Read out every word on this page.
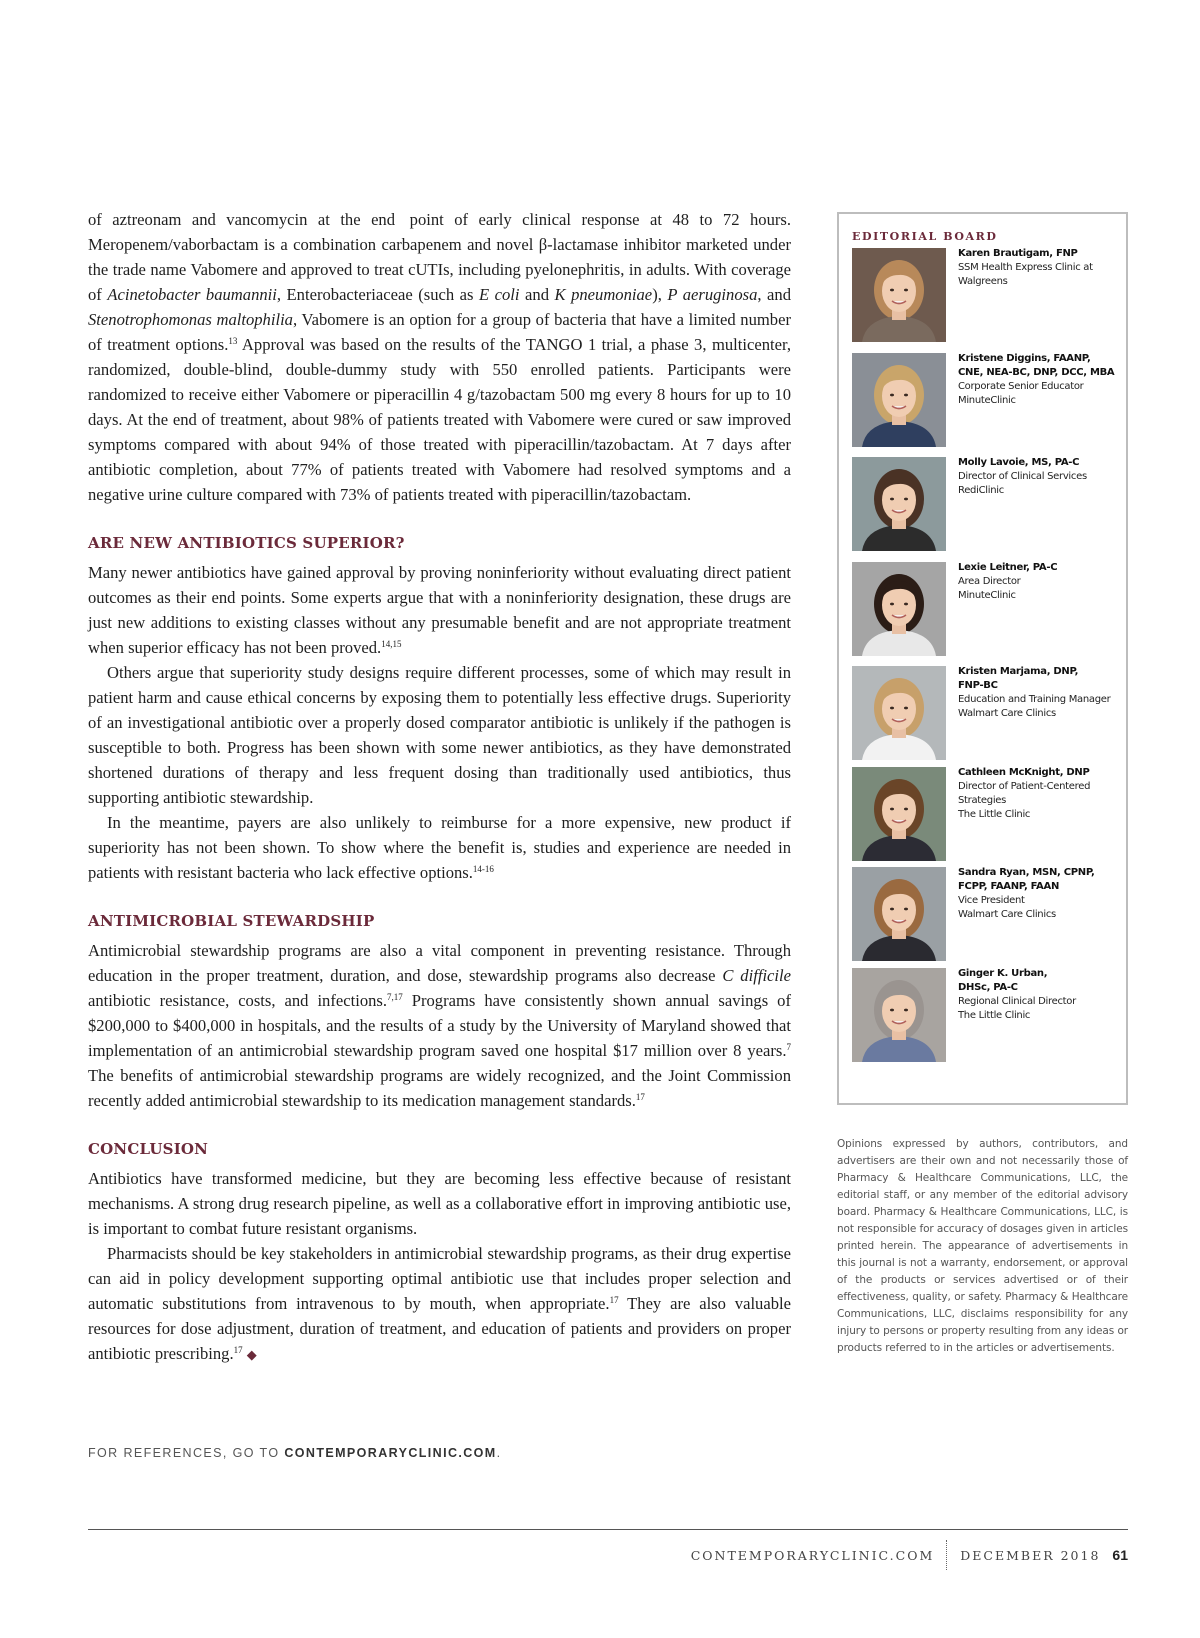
of aztreonam and vancomycin at the end  point of early clinical response at 48 to 72 hours. Meropenem/vaborbactam is a combination carbapenem and novel β-lactamase inhibitor marketed under the trade name Vabomere and approved to treat cUTIs, including pyelonephritis, in adults. With coverage of Acinetobacter baumannii, Enterobacteriaceae (such as E coli and K pneumoniae), P aeruginosa, and Stenotrophomonas maltophilia, Vabomere is an option for a group of bacteria that have a limited number of treatment options.$^{13}$ Approval was based on the results of the TANGO 1 trial, a phase 3, multicenter, randomized, double-blind, double-dummy study with 550 enrolled patients. Participants were randomized to receive either Vabomere or piperacillin 4 g/tazobactam 500 mg every 8 hours for up to 10 days. At the end of treatment, about 98% of patients treated with Vabomere were cured or saw improved symptoms compared with about 94% of those treated with piperacillin/tazobactam. At 7 days after antibiotic completion, about 77% of patients treated with Vabomere had resolved symptoms and a negative urine culture compared with 73% of patients treated with piperacillin/tazobactam.

ARE NEW ANTIBIOTICS SUPERIOR?

Many newer antibiotics have gained approval by proving noninferiority without evaluating direct patient outcomes as their end points. Some experts argue that with a noninferiority designation, these drugs are just new additions to existing classes without any presumable benefit and are not appropriate treatment when superior efficacy has not been proved.$^{14,15}$

Others argue that superiority study designs require different processes, some of which may result in patient harm and cause ethical concerns by exposing them to potentially less effective drugs. Superiority of an investigational antibiotic over a properly dosed comparator antibiotic is unlikely if the pathogen is susceptible to both. Progress has been shown with some newer antibiotics, as they have demonstrated shortened durations of therapy and less frequent dosing than traditionally used antibiotics, thus supporting antibiotic stewardship.

In the meantime, payers are also unlikely to reimburse for a more expensive, new product if superiority has not been shown. To show where the benefit is, studies and experience are needed in patients with resistant bacteria who lack effective options.$^{14-16}$

ANTIMICROBIAL STEWARDSHIP

Antimicrobial stewardship programs are also a vital component in preventing resistance. Through education in the proper treatment, duration, and dose, stewardship programs also decrease C difficile antibiotic resistance, costs, and infections.$^{7,17}$ Programs have consistently shown annual savings of $200,000 to $400,000 in hospitals, and the results of a study by the University of Maryland showed that implementation of an antimicrobial stewardship program saved one hospital $17 million over 8 years.$^7$ The benefits of antimicrobial stewardship programs are widely recognized, and the Joint Commission recently added antimicrobial stewardship to its medication management standards.$^{17}$

CONCLUSION

Antibiotics have transformed medicine, but they are becoming less effective because of resistant mechanisms. A strong drug research pipeline, as well as a collaborative effort in improving antibiotic use, is important to combat future resistant organisms.

Pharmacists should be key stakeholders in antimicrobial stewardship programs, as their drug expertise can aid in policy development supporting optimal antibiotic use that includes proper selection and automatic substitutions from intravenous to by mouth, when appropriate.$^{17}$ They are also valuable resources for dose adjustment, duration of treatment, and education of patients and providers on proper antibiotic prescribing.$^{17}$ ◆

FOR REFERENCES, GO TO CONTEMPORARYCLINIC.COM.
EDITORIAL BOARD
Karen Brautigam, FNP
SSM Health Express Clinic at
Walgreens
Kristene Diggins, FAANP,
CNE, NEA-BC, DNP, DCC, MBA
Corporate Senior Educator
MinuteClinic
Molly Lavoie, MS, PA-C
Director of Clinical Services
RediClinic
Lexie Leitner, PA-C
Area Director
MinuteClinic
Kristen Marjama, DNP,
FNP-BC
Education and Training Manager
Walmart Care Clinics
Cathleen McKnight, DNP
Director of Patient-Centered
Strategies
The Little Clinic
Sandra Ryan, MSN, CPNP,
FCPP, FAANP, FAAN
Vice President
Walmart Care Clinics
Ginger K. Urban,
DHSc, PA-C
Regional Clinical Director
The Little Clinic
Opinions expressed by authors, contributors, and advertisers are their own and not necessarily those of Pharmacy & Healthcare Communications, LLC, the editorial staff, or any member of the editorial advisory board. Pharmacy & Healthcare Communications, LLC, is not responsible for accuracy of dosages given in articles printed herein. The appearance of advertisements in this journal is not a warranty, endorsement, or approval of the products or services advertised or of their effectiveness, quality, or safety. Pharmacy & Healthcare Communications, LLC, disclaims responsibility for any injury to persons or property resulting from any ideas or products referred to in the articles or advertisements.
CONTEMPORARYCLINIC.COM DECEMBER 2018 61
